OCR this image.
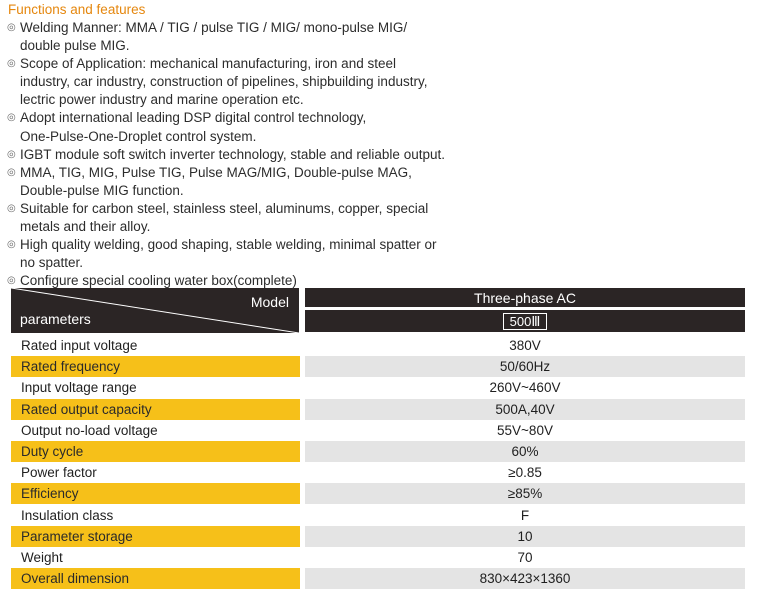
Functions and features
◎ Welding Manner: MMA / TIG / pulse TIG / MIG/ mono-pulse MIG/
double pulse MIG.
◎ Scope of Application: mechanical manufacturing, iron and steel
industry, car industry, construction of pipelines, shipbuilding industry,
lectric power industry and marine operation etc.
◎ Adopt international leading DSP digital control technology,
One-Pulse-One-Droplet control system.
◎ IGBT module soft switch inverter technology, stable and reliable output.
◎ MMA, TIG, MIG, Pulse TIG, Pulse MAG/MIG, Double-pulse MAG,
Double-pulse MIG function.
◎ Suitable for carbon steel, stainless steel, aluminums, copper, special
metals and their alloy.
◎ High quality welding, good shaping, stable welding, minimal spatter or
no spatter.
◎ Configure special cooling water box(complete)
Model
parameters
Three-phase AC
500Ⅲ
Rated input voltage	380V
Rated frequency	50/60Hz
Input voltage range	260V~460V
Rated output capacity	500A,40V
Output no-load voltage	55V~80V
Duty cycle	60%
Power factor	≥0.85
Efficiency	≥85%
Insulation class	F
Parameter storage	10
Weight	70
Overall dimension	830×423×1360
